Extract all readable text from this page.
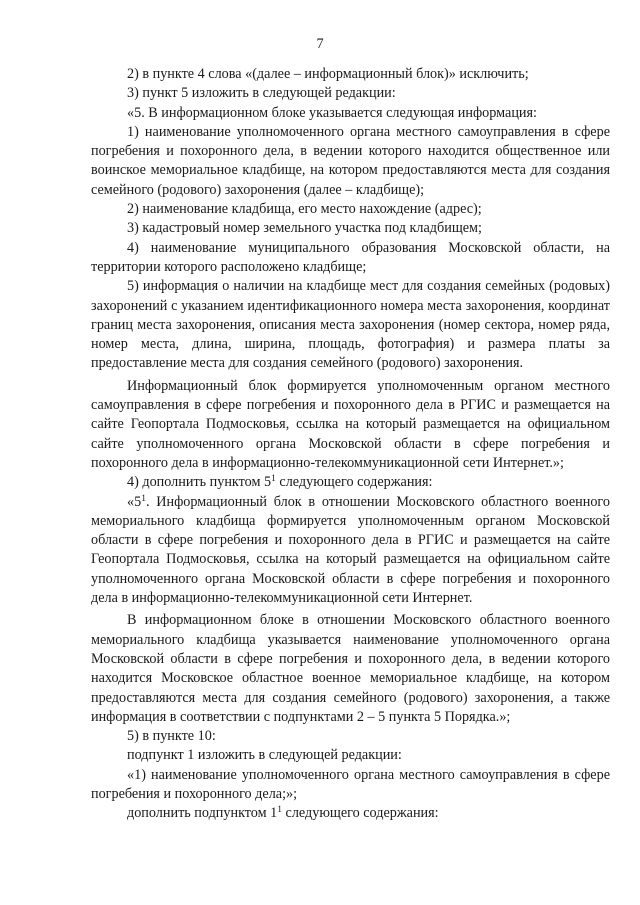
7

2) в пункте 4 слова «(далее – информационный блок)» исключить;

3) пункт 5 изложить в следующей редакции:

«5. В информационном блоке указывается следующая информация:

1) наименование уполномоченного органа местного самоуправления в сфере погребения и похоронного дела, в ведении которого находится общественное или воинское мемориальное кладбище, на котором предоставляются места для создания семейного (родового) захоронения (далее – кладбище);

2) наименование кладбища, его место нахождение (адрес);

3) кадастровый номер земельного участка под кладбищем;

4) наименование муниципального образования Московской области, на территории которого расположено кладбище;

5) информация о наличии на кладбище мест для создания семейных (родовых) захоронений с указанием идентификационного номера места захоронения, координат границ места захоронения, описания места захоронения (номер сектора, номер ряда, номер места, длина, ширина, площадь, фотография) и размера платы за предоставление места для создания семейного (родового) захоронения.

Информационный блок формируется уполномоченным органом местного самоуправления в сфере погребения и похоронного дела в РГИС и размещается на сайте Геопортала Подмосковья, ссылка на который размещается на официальном сайте уполномоченного органа Московской области в сфере погребения и похоронного дела в информационно-телекоммуникационной сети Интернет.»;

4) дополнить пунктом $5^1$ следующего содержания:

«$5^1$. Информационный блок в отношении Московского областного военного мемориального кладбища формируется уполномоченным органом Московской области в сфере погребения и похоронного дела в РГИС и размещается на сайте Геопортала Подмосковья, ссылка на который размещается на официальном сайте уполномоченного органа Московской области в сфере погребения и похоронного дела в информационно-телекоммуникационной сети Интернет.

В информационном блоке в отношении Московского областного военного мемориального кладбища указывается наименование уполномоченного органа Московской области в сфере погребения и похоронного дела, в ведении которого находится Московское областное военное мемориальное кладбище, на котором предоставляются места для создания семейного (родового) захоронения, а также информация в соответствии с подпунктами 2 – 5 пункта 5 Порядка.»;

5) в пункте 10:

подпункт 1 изложить в следующей редакции:

«1) наименование уполномоченного органа местного самоуправления в сфере погребения и похоронного дела;»;

дополнить подпунктом $1^1$ следующего содержания:
